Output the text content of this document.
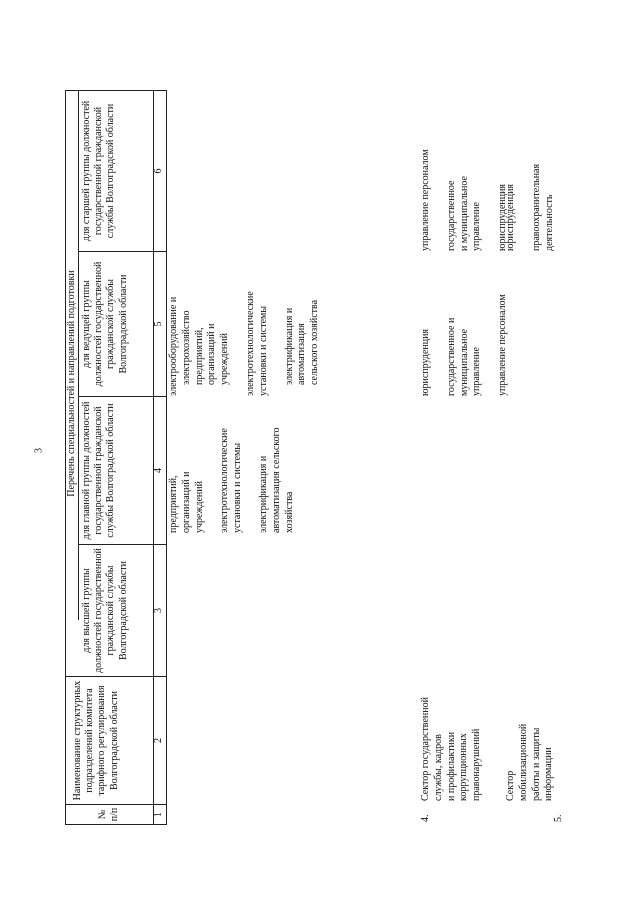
3
№ п/п
Наименование структурных подразделений комитета тарифного регулирования Волгоградской области
Перечень специальностей и направлений подготовки
для высшей группы должностей государственной гражданской службы Волгоградской области
для главной группы должностей государственной гражданской службы Волгоградской области
для ведущей группы должностей государственной гражданской службы Волгоградской области
для старшей группы должностей государственной гражданской службы Волгоградской области
1
2
3
4
5
6
предприятий, организаций и учреждений электротехнологические установки и системы электрификация и автоматизация сельского хозяйства
электрооборудование и электрохозяйство предприятий, организаций и учреждений электротехнологические установки и системы электрификация и автоматизация сельского хозяйства
4.
Сектор государственной службы, кадров и профилактики коррупционных правонарушений
юриспруденция государственное и муниципальное управление управление персоналом
управление персоналом государственное и муниципальное управление юриспруденция
5.
Сектор мобилизационной работы и защиты информации
юриспруденция правоохранительная деятельность
